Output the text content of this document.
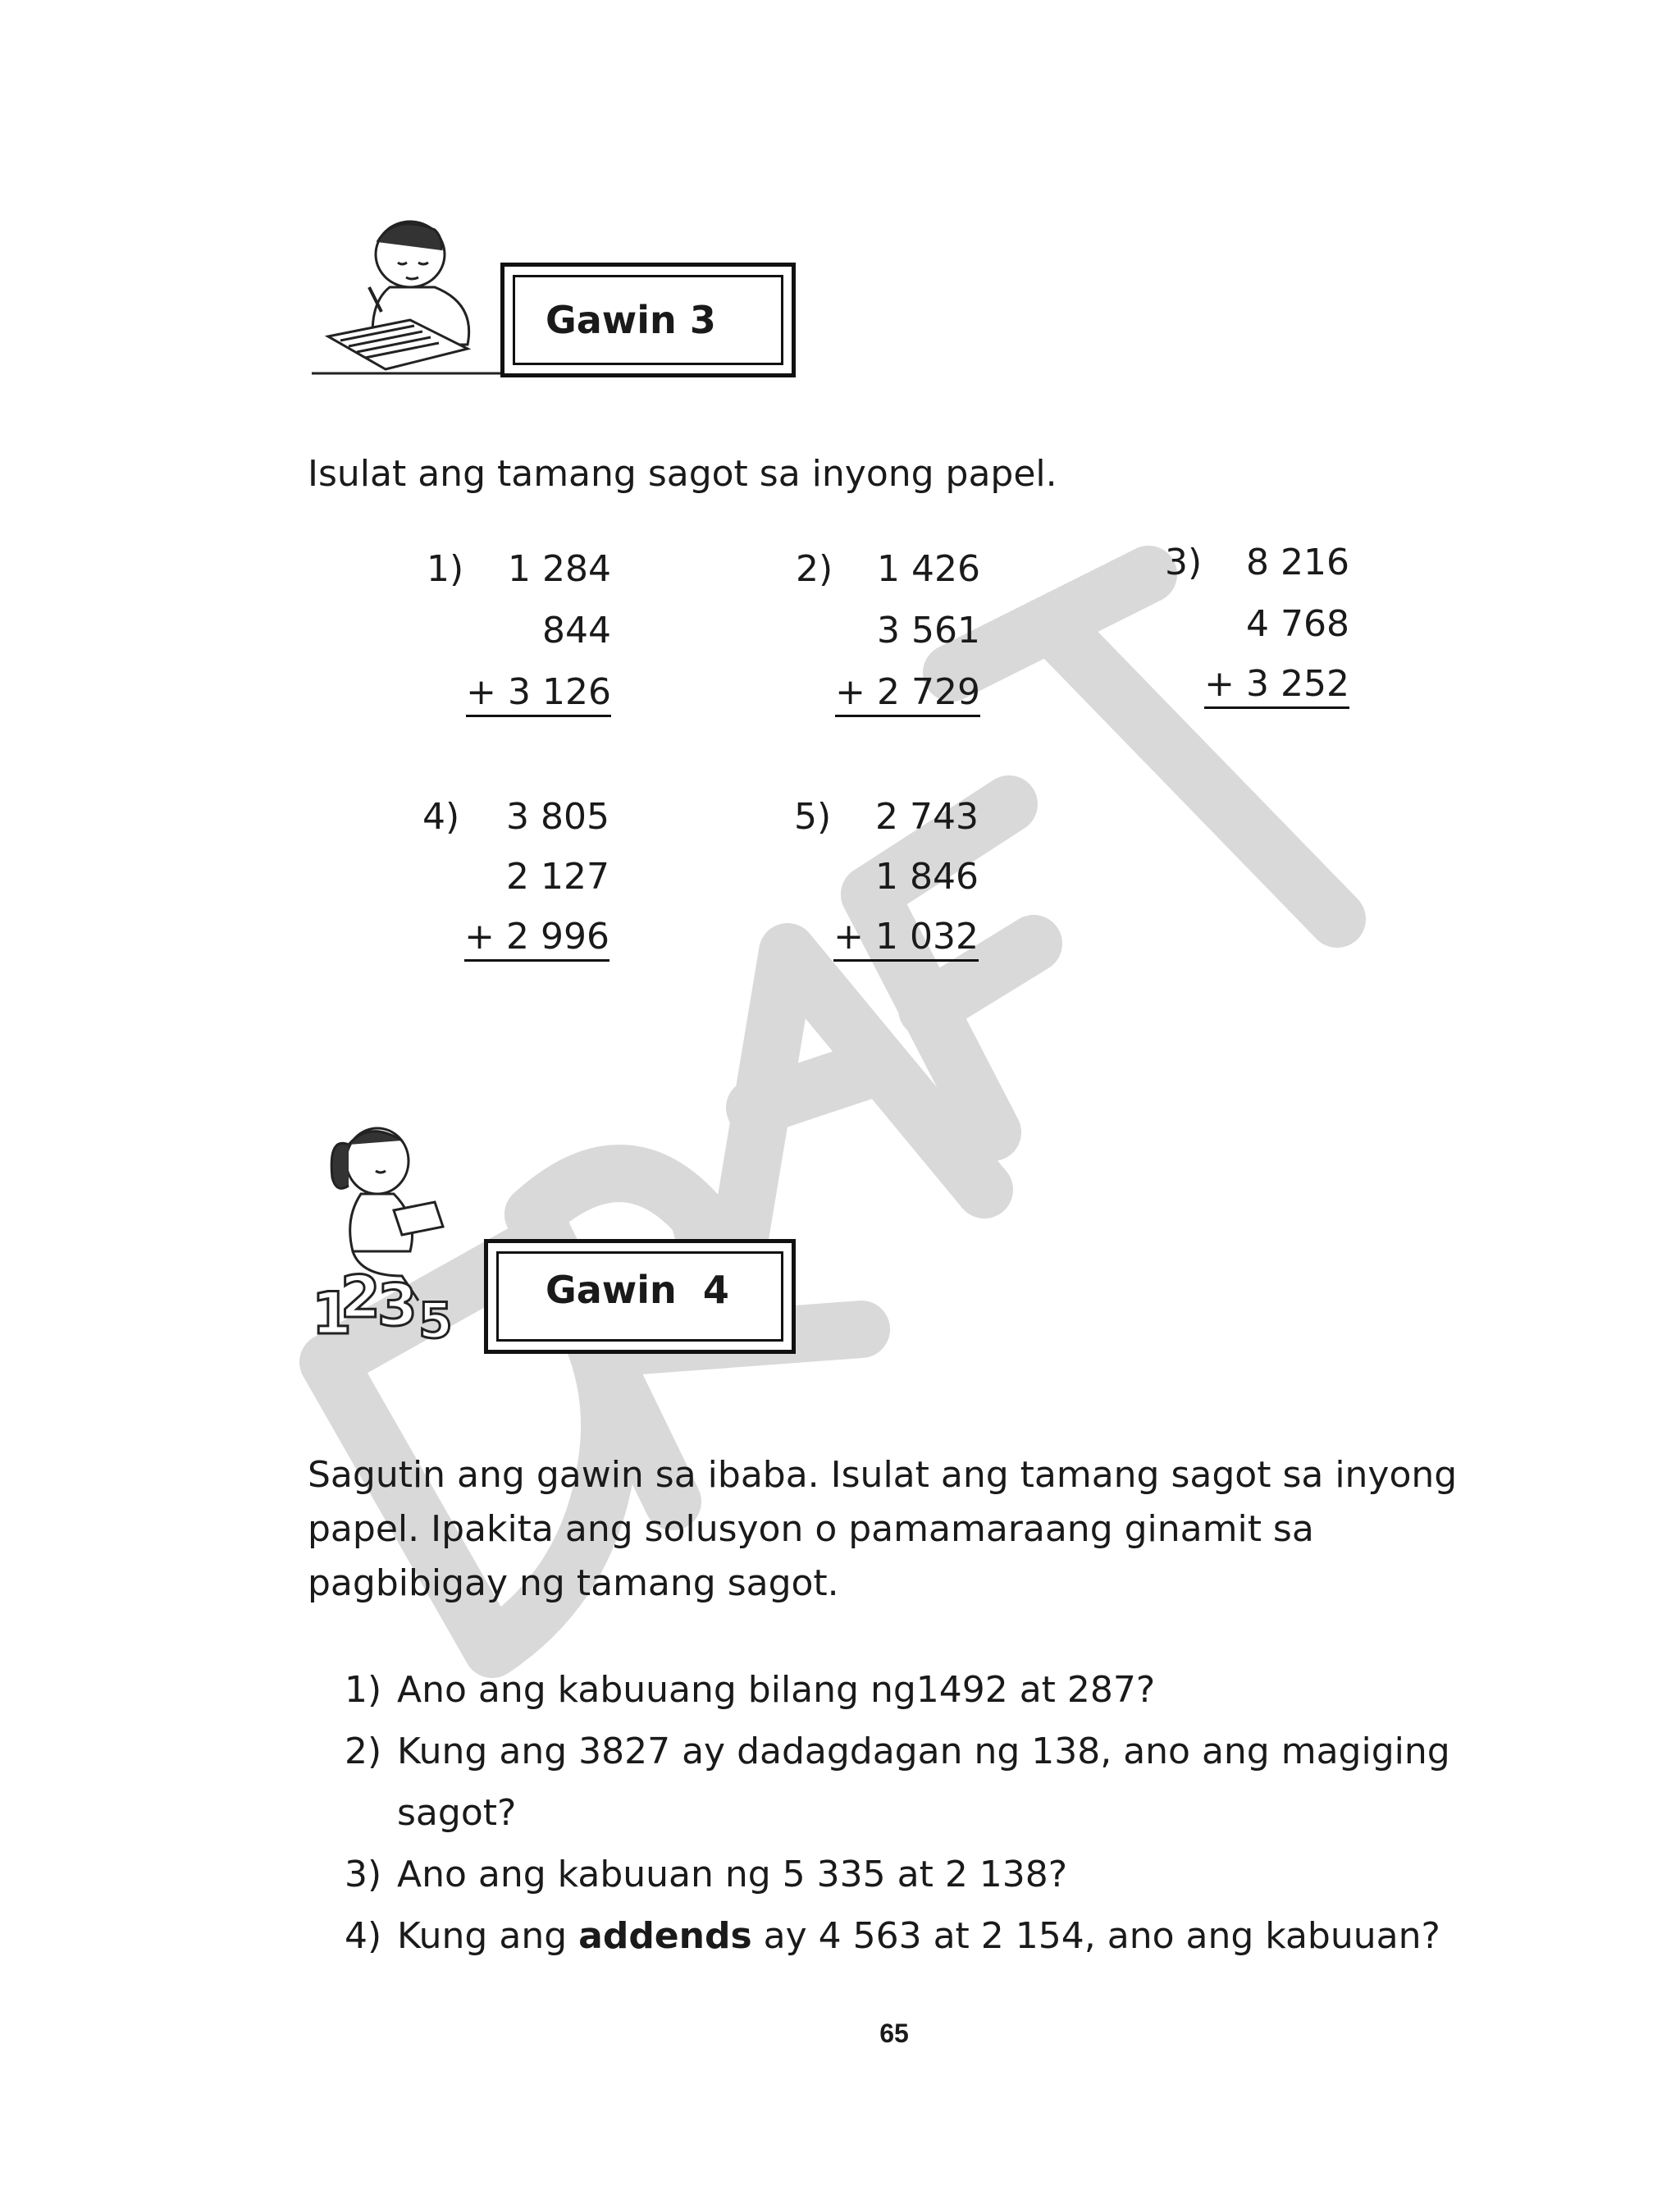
Gawin 3

Isulat ang tamang sagot sa inyong papel.

1) 1 284
844
+ 3 126
2) 1 426
3 561
+ 2 729
3) 8 216
4 768
+ 3 252
4) 3 805
2 127
+ 2 996
5) 2 743
1 846
+ 1 032
1
2
3 5
Gawin  4

Sagutin ang gawin sa ibaba. Isulat ang tamang sagot sa inyong papel. Ipakita ang solusyon o pamamaraang ginamit sa pagbibigay ng tamang sagot.

1) Ano ang kabuuang bilang ng1492 at 287?
2) Kung ang 3827 ay dadagdagan ng 138, ano ang magiging sagot?
3) Ano ang kabuuan ng 5 335 at 2 138?
4) Kung ang addends ay 4 563 at 2 154, ano ang kabuuan?
65
